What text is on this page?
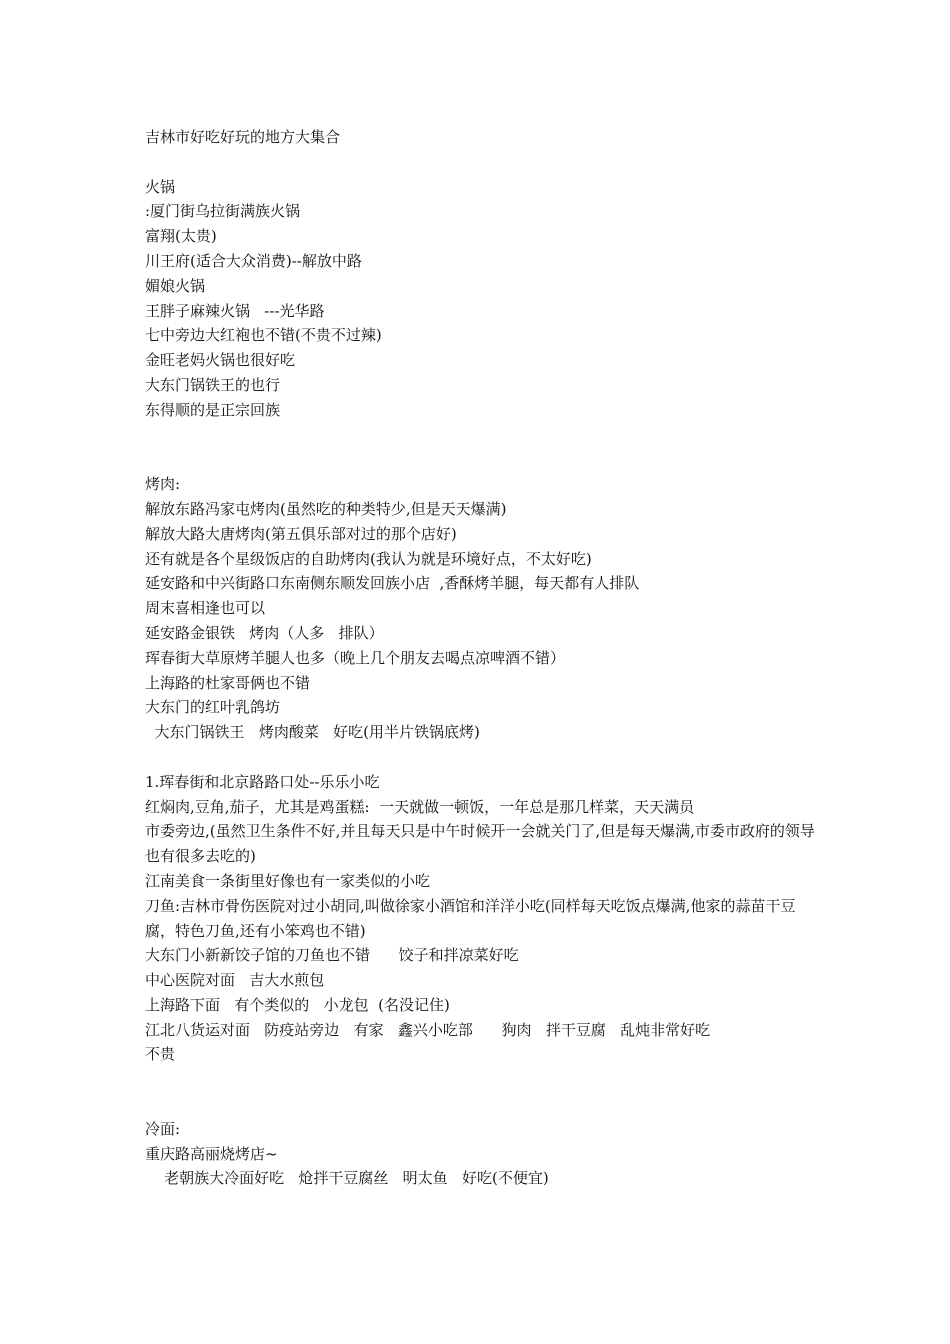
吉林市好吃好玩的地方大集合
火锅
:厦门街乌拉街满族火锅
富翔(太贵)
川王府(适合大众消费)--解放中路
媚娘火锅
王胖子麻辣火锅   ---光华路
七中旁边大红袍也不错(不贵不过辣)
金旺老妈火锅也很好吃
大东门锅铁王的也行
东得顺的是正宗回族
烤肉:
解放东路冯家屯烤肉(虽然吃的种类特少,但是天天爆满)
解放大路大唐烤肉(第五俱乐部对过的那个店好)
还有就是各个星级饭店的自助烤肉(我认为就是环境好点，不太好吃)
延安路和中兴街路口东南侧东顺发回族小店  ,香酥烤羊腿，每天都有人排队
周末喜相逢也可以
延安路金银铁   烤肉（人多   排队）
珲春街大草原烤羊腿人也多（晚上几个朋友去喝点凉啤酒不错）
上海路的杜家哥俩也不错
大东门的红叶乳鸽坊
大东门锅铁王   烤肉酸菜   好吃(用半片铁锅底烤)
1.珲春街和北京路路口处--乐乐小吃
红焖肉,豆角,茄子，尤其是鸡蛋糕:  一天就做一顿饭，一年总是那几样菜，天天满员
市委旁边,(虽然卫生条件不好,并且每天只是中午时候开一会就关门了,但是每天爆满,市委市政府的领导也有很多去吃的)
江南美食一条街里好像也有一家类似的小吃
刀鱼:吉林市骨伤医院对过小胡同,叫做徐家小酒馆和洋洋小吃(同样每天吃饭点爆满,他家的蒜苗干豆腐，特色刀鱼,还有小笨鸡也不错)
大东门小新新饺子馆的刀鱼也不错      饺子和拌凉菜好吃
中心医院对面   吉大水煎包
上海路下面   有个类似的   小龙包  (名没记住)
江北八货运对面   防疫站旁边   有家   鑫兴小吃部      狗肉   拌干豆腐   乱炖非常好吃
不贵
冷面:
重庆路高丽烧烤店~
老朝族大冷面好吃   炝拌干豆腐丝   明太鱼   好吃(不便宜)
